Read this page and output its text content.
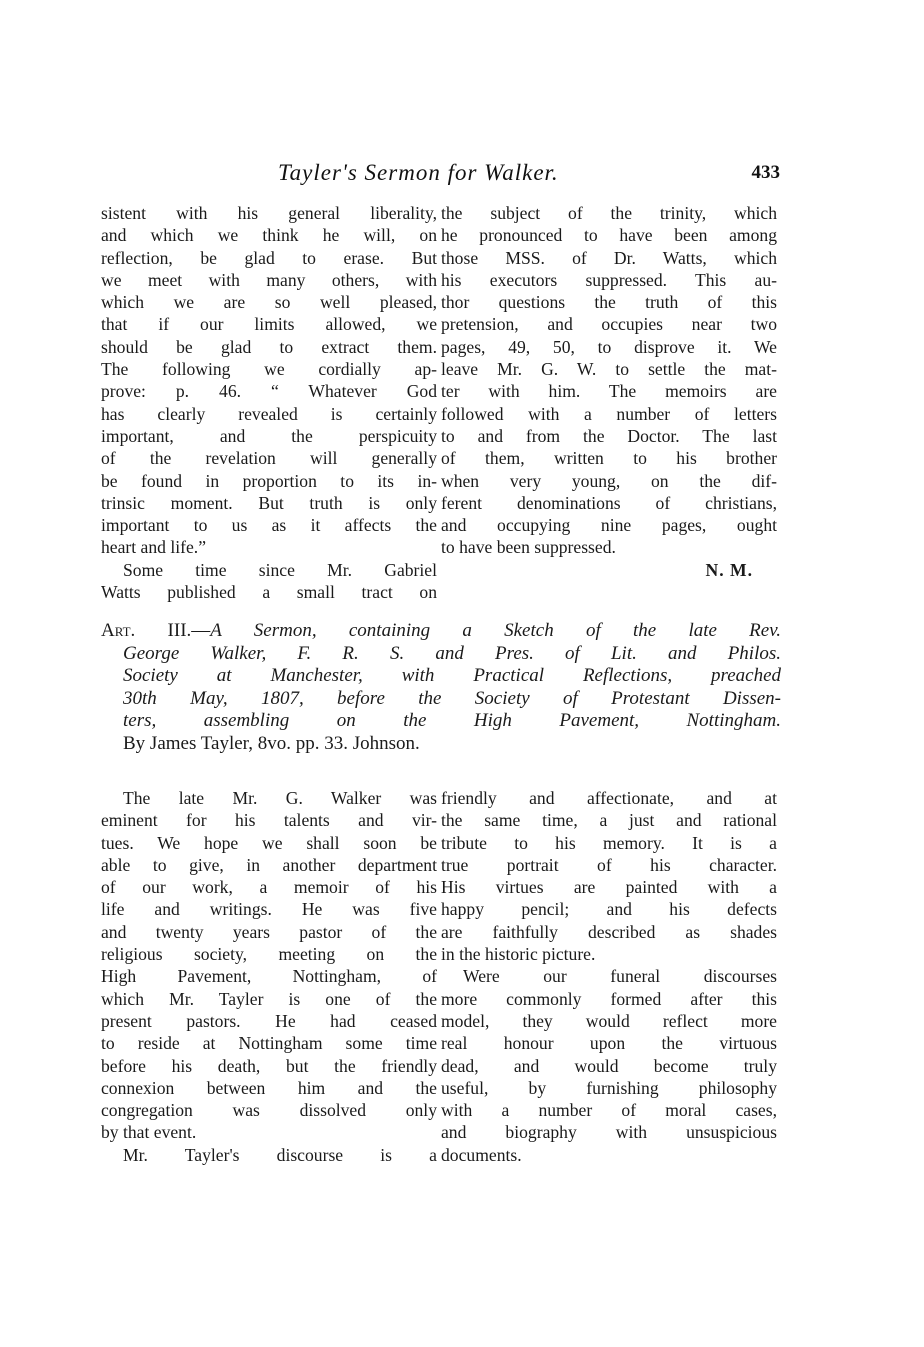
Tayler's Sermon for Walker.	433
sistent with his general liberality,
and which we think he will, on
reflection, be glad to erase. But
we meet with many others, with
which we are so well pleased,
that if our limits allowed, we
should be glad to extract them.
The following we cordially ap-
prove: p. 46. “ Whatever God
has clearly revealed is certainly
important, and the perspicuity
of the revelation will generally
be found in proportion to its in-
trinsic moment. But truth is only
important to us as it affects the
heart and life.”
Some time since Mr. Gabriel
Watts published a small tract on
the subject of the trinity, which
he pronounced to have been among
those MSS. of Dr. Watts, which
his executors suppressed. This au-
thor questions the truth of this
pretension, and occupies near two
pages, 49, 50, to disprove it. We
leave Mr. G. W. to settle the mat-
ter with him. The memoirs are
followed with a number of letters
to and from the Doctor. The last
of them, written to his brother
when very young, on the dif-
ferent denominations of christians,
and occupying nine pages, ought
to have been suppressed.
N. M.
Art. III.—A Sermon, containing a Sketch of the late Rev.
George Walker, F. R. S. and Pres. of Lit. and Philos.
Society at Manchester, with Practical Reflections, preached
30th May, 1807, before the Society of Protestant Dissen-
ters, assembling on the High Pavement, Nottingham.
By James Tayler, 8vo. pp. 33. Johnson.
The late Mr. G. Walker was
eminent for his talents and vir-
tues. We hope we shall soon be
able to give, in another department
of our work, a memoir of his
life and writings. He was five
and twenty years pastor of the
religious society, meeting on the
High Pavement, Nottingham, of
which Mr. Tayler is one of the
present pastors. He had ceased
to reside at Nottingham some time
before his death, but the friendly
connexion between him and the
congregation was dissolved only
by that event.
Mr. Tayler's discourse is a
friendly and affectionate, and at
the same time, a just and rational
tribute to his memory. It is a
true portrait of his character.
His virtues are painted with a
happy pencil; and his defects
are faithfully described as shades
in the historic picture.
Were our funeral discourses
more commonly formed after this
model, they would reflect more
real honour upon the virtuous
dead, and would become truly
useful, by furnishing philosophy
with a number of moral cases,
and biography with unsuspicious
documents.
